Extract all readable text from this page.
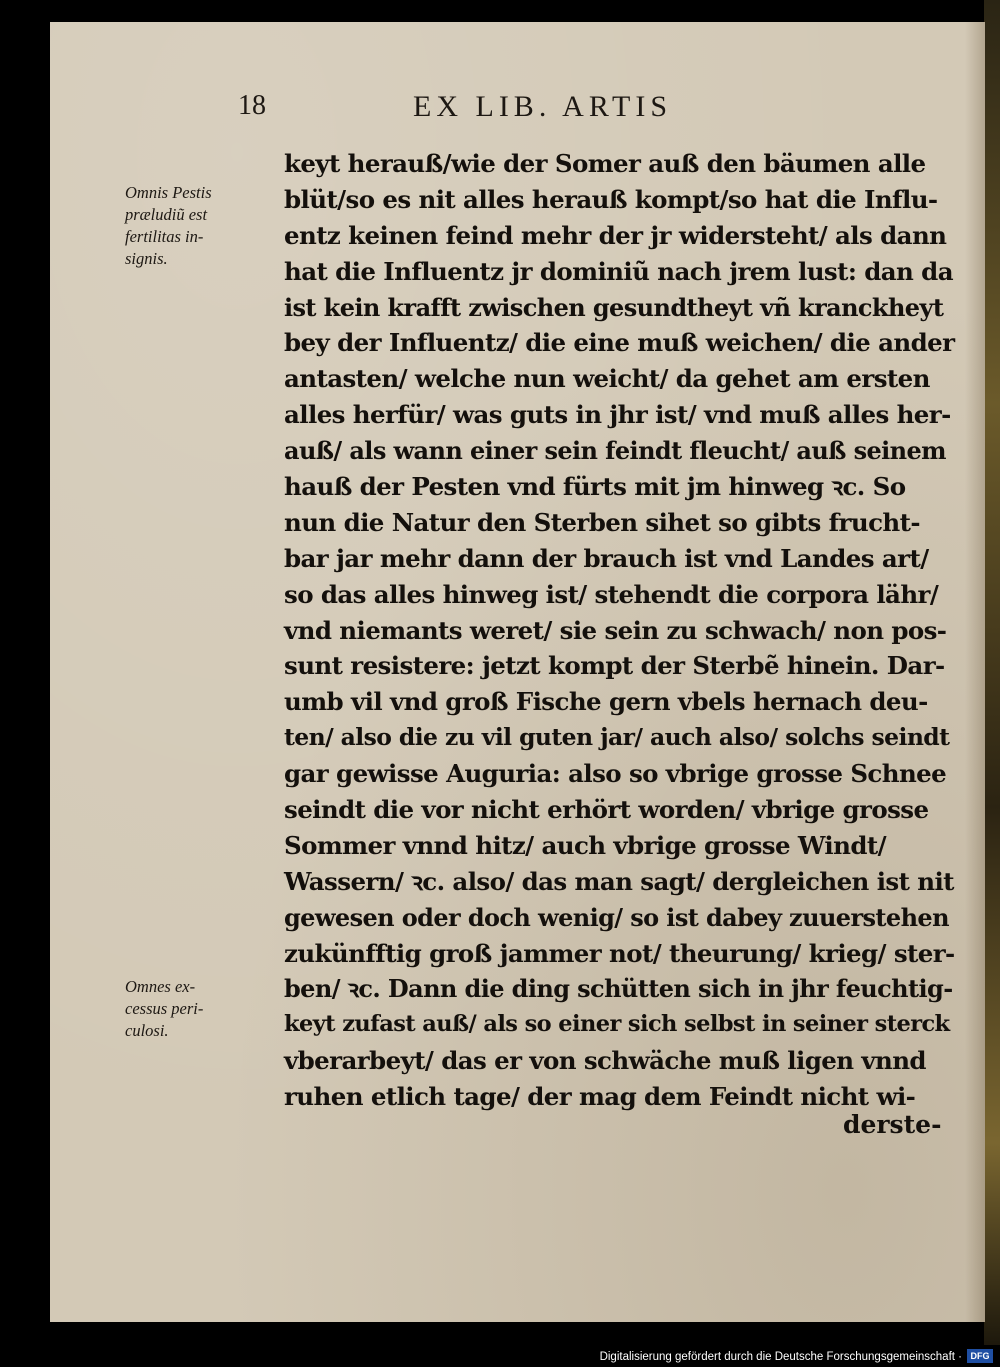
18	EX LIB. ARTIS
Omnis Pestis
præludiũ est
fertilitas in-
signis.
Omnes ex-
cessus peri-
culosi.
keyt herauß/wie der Somer auß den bäumen alle
blüt/so es nit alles herauß kompt/so hat die Influ-
entz keinen feind mehr der jr widersteht/ als dann
hat die Influentz jr dominiũ nach jrem lust: dan da
ist kein krafft zwischen gesundtheyt vñ kranckheyt
bey der Influentz/ die eine muß weichen/ die ander
antasten/ welche nun weicht/ da gehet am ersten
alles herfür/ was guts in jhr ist/ vnd muß alles her-
auß/ als wann einer sein feindt fleucht/ auß seinem
hauß der Pesten vnd fürts mit jm hinweg ꝛc. So
nun die Natur den Sterben sihet so gibts frucht-
bar jar mehr dann der brauch ist vnd Landes art/
so das alles hinweg ist/ stehendt die corpora lähr/
vnd niemants weret/ sie sein zu schwach/ non pos-
sunt resistere: jetzt kompt der Sterbẽ hinein. Dar-
umb vil vnd groß Fische gern vbels hernach deu-
ten/ also die zu vil guten jar/ auch also/ solchs seindt
gar gewisse Auguria: also so vbrige grosse Schnee
seindt die vor nicht erhört worden/ vbrige grosse
Sommer vnnd hitz/ auch vbrige grosse Windt/
Wassern/ ꝛc. also/ das man sagt/ dergleichen ist nit
gewesen oder doch wenig/ so ist dabey zuuerstehen
zukünfftig groß jammer not/ theurung/ krieg/ ster-
ben/ ꝛc. Dann die ding schütten sich in jhr feuchtig-
keyt zufast auß/ als so einer sich selbst in seiner sterck
vberarbeyt/ das er von schwäche muß ligen vnnd
ruhen etlich tage/ der mag dem Feindt nicht wi-
derste-
Digitalisierung gefördert durch die Deutsche Forschungsgemeinschaft · DFG
